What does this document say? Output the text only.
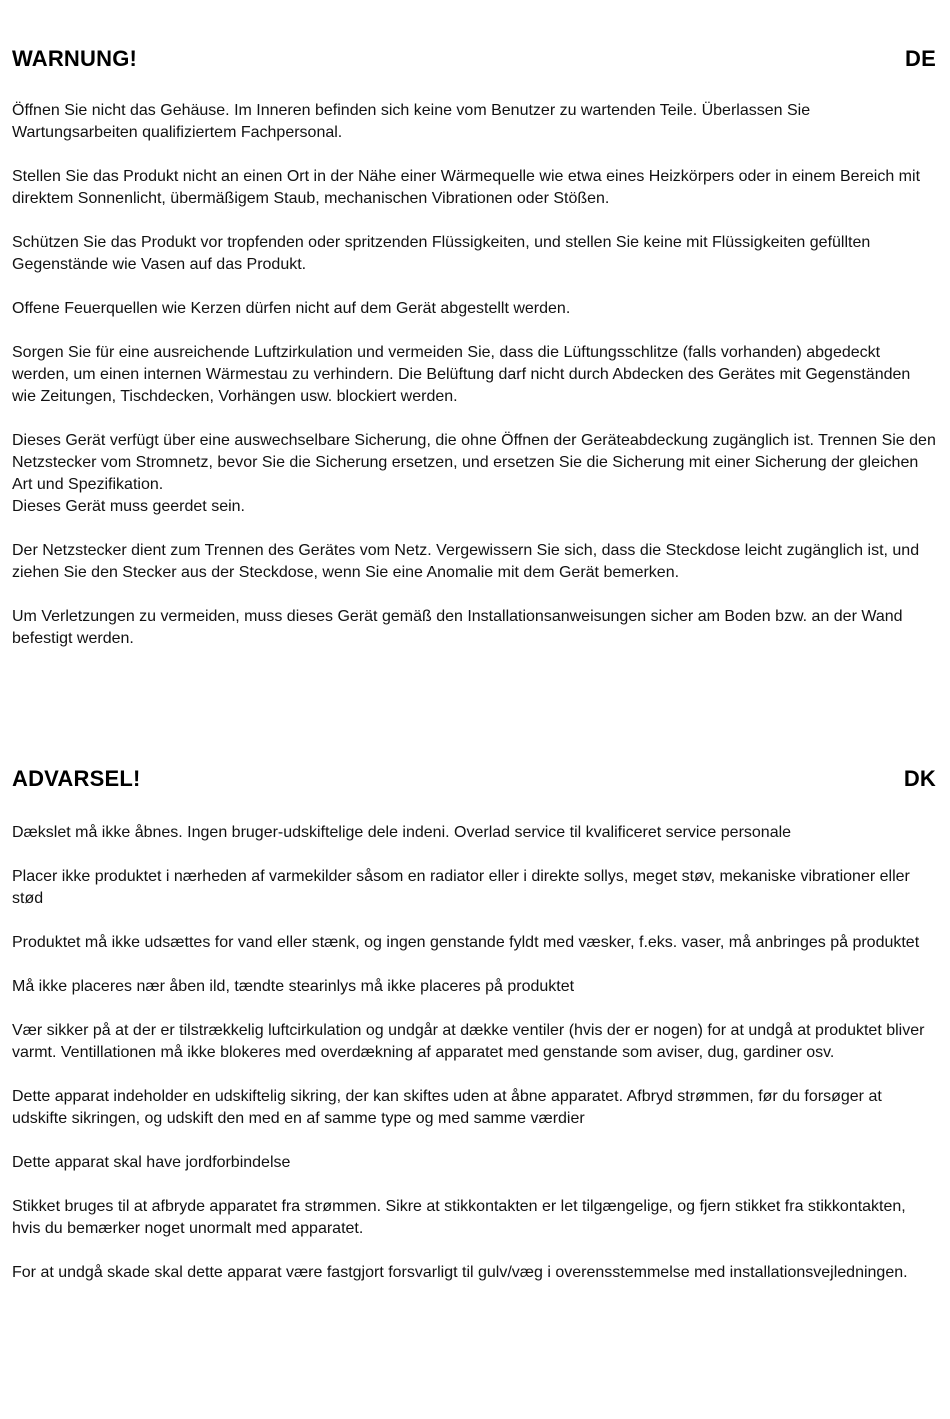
WARNUNG!	DE

Öffnen Sie nicht das Gehäuse. Im Inneren befinden sich keine vom Benutzer zu wartenden Teile. Überlassen Sie Wartungsarbeiten qualifiziertem Fachpersonal.

Stellen Sie das Produkt nicht an einen Ort in der Nähe einer Wärmequelle wie etwa eines Heizkörpers oder in einem Bereich mit direktem Sonnenlicht, übermäßigem Staub, mechanischen Vibrationen oder Stößen.

Schützen Sie das Produkt vor tropfenden oder spritzenden Flüssigkeiten, und stellen Sie keine mit Flüssigkeiten gefüllten Gegenstände wie Vasen auf das Produkt.

Offene Feuerquellen wie Kerzen dürfen nicht auf dem Gerät abgestellt werden.

Sorgen Sie für eine ausreichende Luftzirkulation und vermeiden Sie, dass die Lüftungsschlitze (falls vorhanden) abgedeckt werden, um einen internen Wärmestau zu verhindern. Die Belüftung darf nicht durch Abdecken des Gerätes mit Gegenständen wie Zeitungen, Tischdecken, Vorhängen usw. blockiert werden.

Dieses Gerät verfügt über eine auswechselbare Sicherung, die ohne Öffnen der Geräteabdeckung zugänglich ist. Trennen Sie den Netzstecker vom Stromnetz, bevor Sie die Sicherung ersetzen, und ersetzen Sie die Sicherung mit einer Sicherung der gleichen Art und Spezifikation.

Dieses Gerät muss geerdet sein.

Der Netzstecker dient zum Trennen des Gerätes vom Netz. Vergewissern Sie sich, dass die Steckdose leicht zugänglich ist, und ziehen Sie den Stecker aus der Steckdose, wenn Sie eine Anomalie mit dem Gerät bemerken.

Um Verletzungen zu vermeiden, muss dieses Gerät gemäß den Installationsanweisungen sicher am Boden bzw. an der Wand befestigt werden.

ADVARSEL!	DK

Dækslet må ikke åbnes. Ingen bruger-udskiftelige dele indeni. Overlad service til kvalificeret service personale

Placer ikke produktet i nærheden af varmekilder såsom en radiator eller i direkte sollys, meget støv, mekaniske vibrationer eller stød

Produktet må ikke udsættes for vand eller stænk, og ingen genstande fyldt med væsker, f.eks. vaser, må anbringes på produktet

Må ikke placeres nær åben ild, tændte stearinlys må ikke placeres på produktet

Vær sikker på at der er tilstrækkelig luftcirkulation og undgår at dække ventiler (hvis der er nogen) for at undgå at produktet bliver varmt. Ventillationen må ikke blokeres med overdækning af apparatet med genstande som aviser, dug, gardiner osv.

Dette apparat indeholder en udskiftelig sikring, der kan skiftes uden at åbne apparatet. Afbryd strømmen, før du forsøger at udskifte sikringen, og udskift den med en af samme type og med samme værdier

Dette apparat skal have jordforbindelse

Stikket bruges til at afbryde apparatet fra strømmen. Sikre at stikkontakten er let tilgængelige, og fjern stikket fra stikkontakten, hvis du bemærker noget unormalt med apparatet.

For at undgå skade skal dette apparat være fastgjort forsvarligt til gulv/væg i overensstemmelse med installationsvejledningen.
